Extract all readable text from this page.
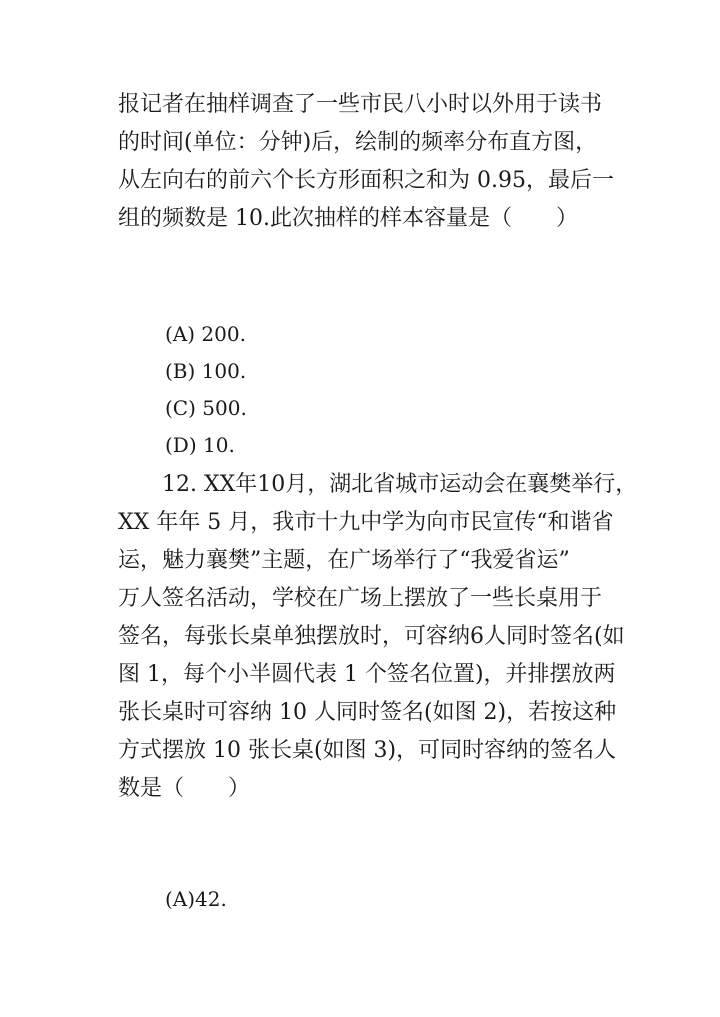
报记者在抽样调查了一些市民八小时以外用于读书
的时间(单位：分钟)后，绘制的频率分布直方图，
从左向右的前六个长方形面积之和为 0.95，最后一
组的频数是 10.此次抽样的样本容量是（　　）
(A) 200.
(B) 100.
(C) 500.
(D) 10.
12. XX年10月，湖北省城市运动会在襄樊举行，
XX 年年 5 月，我市十九中学为向市民宣传“和谐省
运，魅力襄樊”主题，在广场举行了“我爱省运”
万人签名活动，学校在广场上摆放了一些长桌用于
签名，每张长桌单独摆放时，可容纳6人同时签名(如
图 1，每个小半圆代表 1 个签名位置)，并排摆放两
张长桌时可容纳 10 人同时签名(如图 2)，若按这种
方式摆放 10 张长桌(如图 3)，可同时容纳的签名人
数是（　　）
(A)42.
